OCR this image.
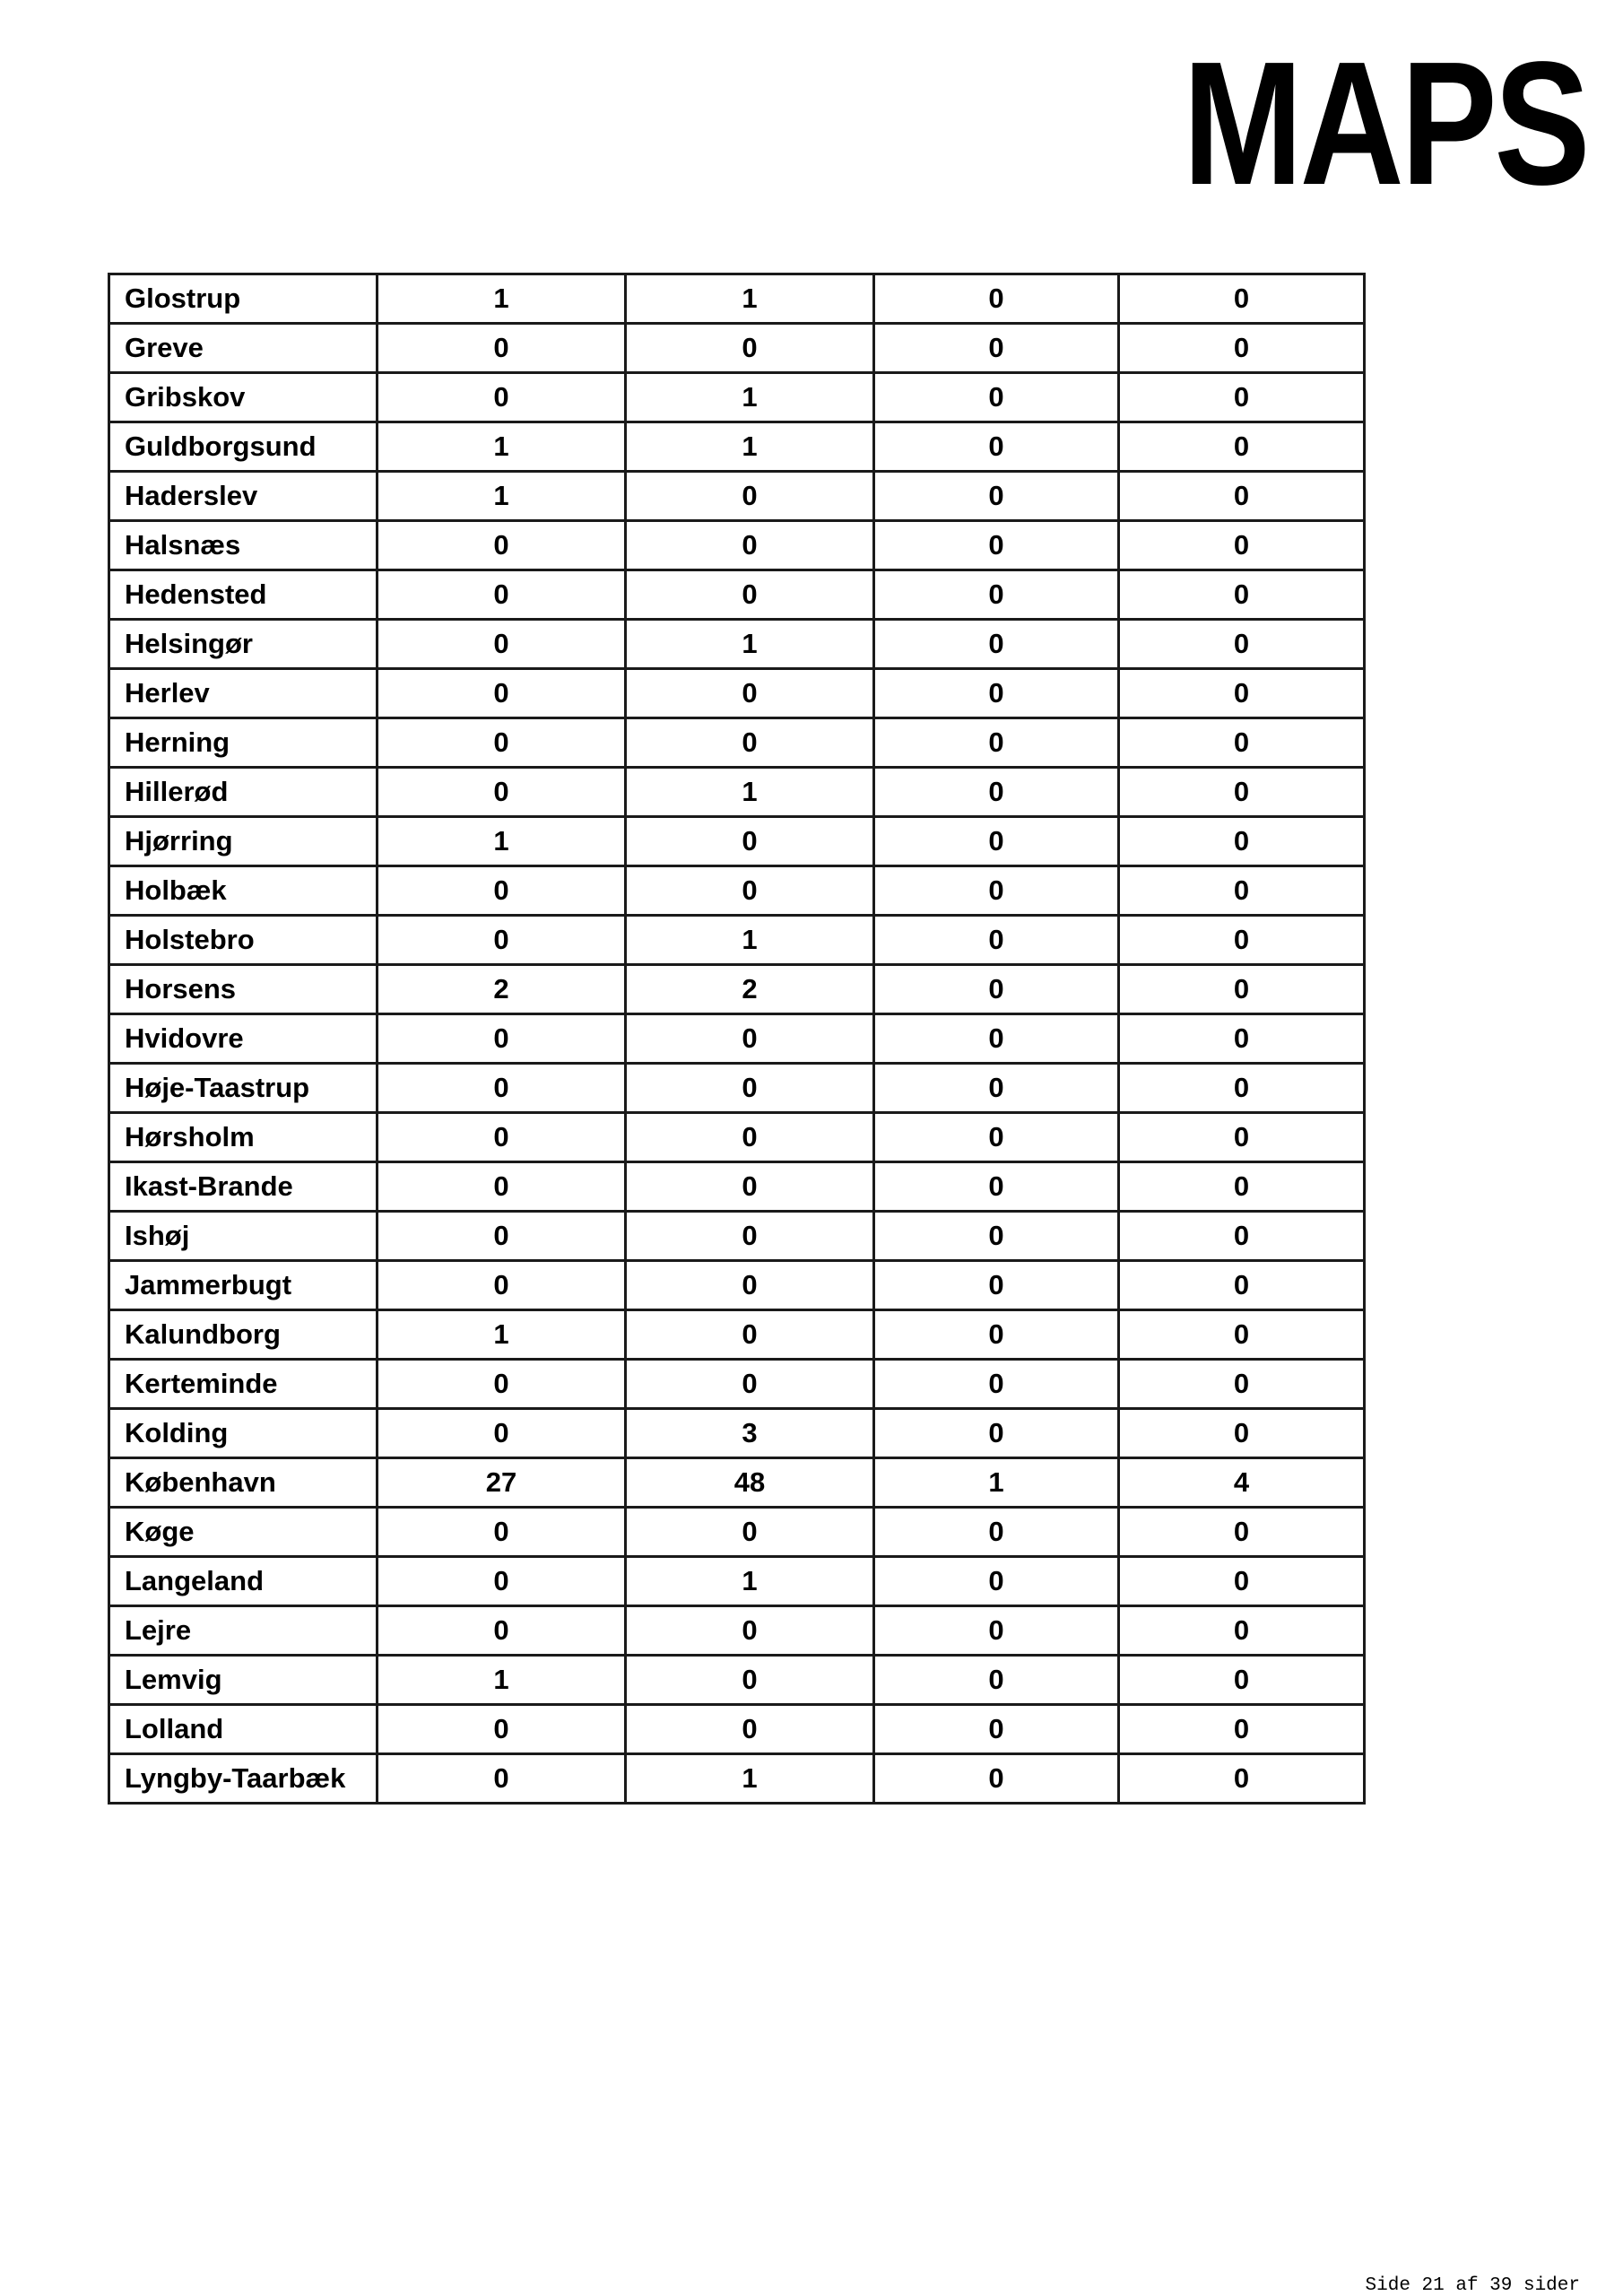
MAPS
Glostrup	1	1	0	0
Greve	0	0	0	0
Gribskov	0	1	0	0
Guldborgsund	1	1	0	0
Haderslev	1	0	0	0
Halsnæs	0	0	0	0
Hedensted	0	0	0	0
Helsingør	0	1	0	0
Herlev	0	0	0	0
Herning	0	0	0	0
Hillerød	0	1	0	0
Hjørring	1	0	0	0
Holbæk	0	0	0	0
Holstebro	0	1	0	0
Horsens	2	2	0	0
Hvidovre	0	0	0	0
Høje-Taastrup	0	0	0	0
Hørsholm	0	0	0	0
Ikast-Brande	0	0	0	0
Ishøj	0	0	0	0
Jammerbugt	0	0	0	0
Kalundborg	1	0	0	0
Kerteminde	0	0	0	0
Kolding	0	3	0	0
København	27	48	1	4
Køge	0	0	0	0
Langeland	0	1	0	0
Lejre	0	0	0	0
Lemvig	1	0	0	0
Lolland	0	0	0	0
Lyngby-Taarbæk	0	1	0	0
Side 21 af 39 sider
